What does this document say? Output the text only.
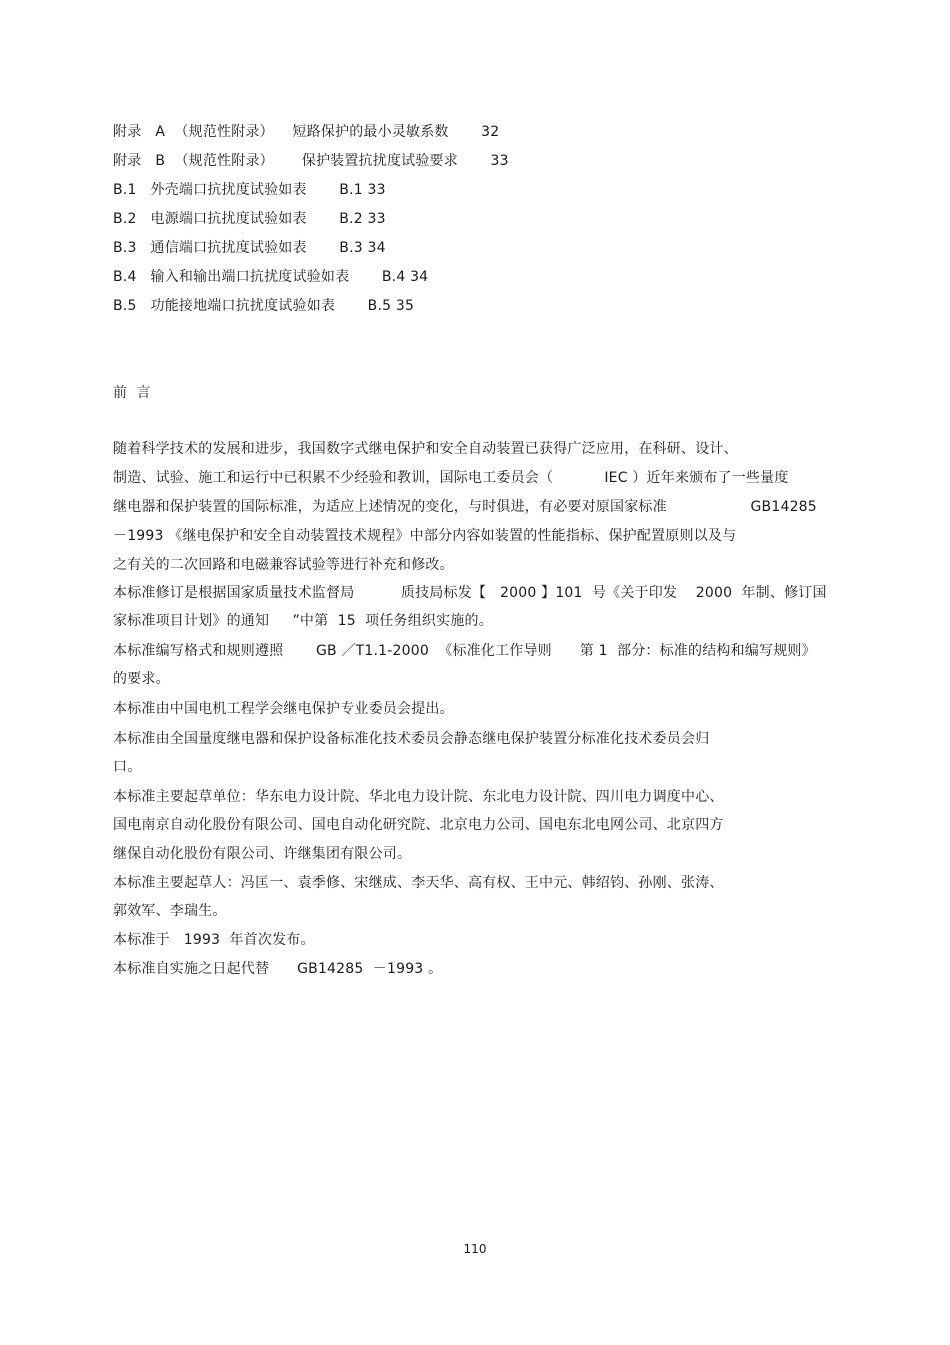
附录   A  （规范性附录）    短路保护的最小灵敏系数       32
附录   B  （规范性附录）      保护装置抗扰度试验要求       33
B.1   外壳端口抗扰度试验如表       B.1 33
B.2   电源端口抗扰度试验如表       B.2 33
B.3   通信端口抗扰度试验如表       B.3 34
B.4   输入和输出端口抗扰度试验如表       B.4 34
B.5   功能接地端口抗扰度试验如表       B.5 35
前  言
随着科学技术的发展和进步，我国数字式继电保护和安全自动装置已获得广泛应用，在科研、设计、
制造、试验、施工和运行中已积累不少经验和教训，国际电工委员会（           IEC ）近年来颁布了一些量度
继电器和保护装置的国际标准，为适应上述情况的变化，与时俱进，有必要对原国家标准                  GB14285
－1993 《继电保护和安全自动装置技术规程》中部分内容如装置的性能指标、保护配置原则以及与
之有关的二次回路和电磁兼容试验等进行补充和修改。
本标准修订是根据国家质量技术监督局          质技局标发【   2000 】101  号《关于印发    2000  年制、修订国
家标准项目计划》的通知     ”中第  15  项任务组织实施的。
本标准编写格式和规则遵照       GB ／T1.1-2000  《标准化工作导则      第 1  部分：标准的结构和编写规则》
的要求。
本标准由中国电机工程学会继电保护专业委员会提出。
本标准由全国量度继电器和保护设备标准化技术委员会静态继电保护装置分标准化技术委员会归
口。
本标准主要起草单位：华东电力设计院、华北电力设计院、东北电力设计院、四川电力调度中心、
国电南京自动化股份有限公司、国电自动化研究院、北京电力公司、国电东北电网公司、北京四方
继保自动化股份有限公司、许继集团有限公司。
本标准主要起草人：冯匡一、袁季修、宋继成、李天华、高有权、王中元、韩绍钧、孙刚、张涛、
郭效军、李瑞生。
本标准于   1993  年首次发布。
本标准自实施之日起代替      GB14285  －1993 。
110
